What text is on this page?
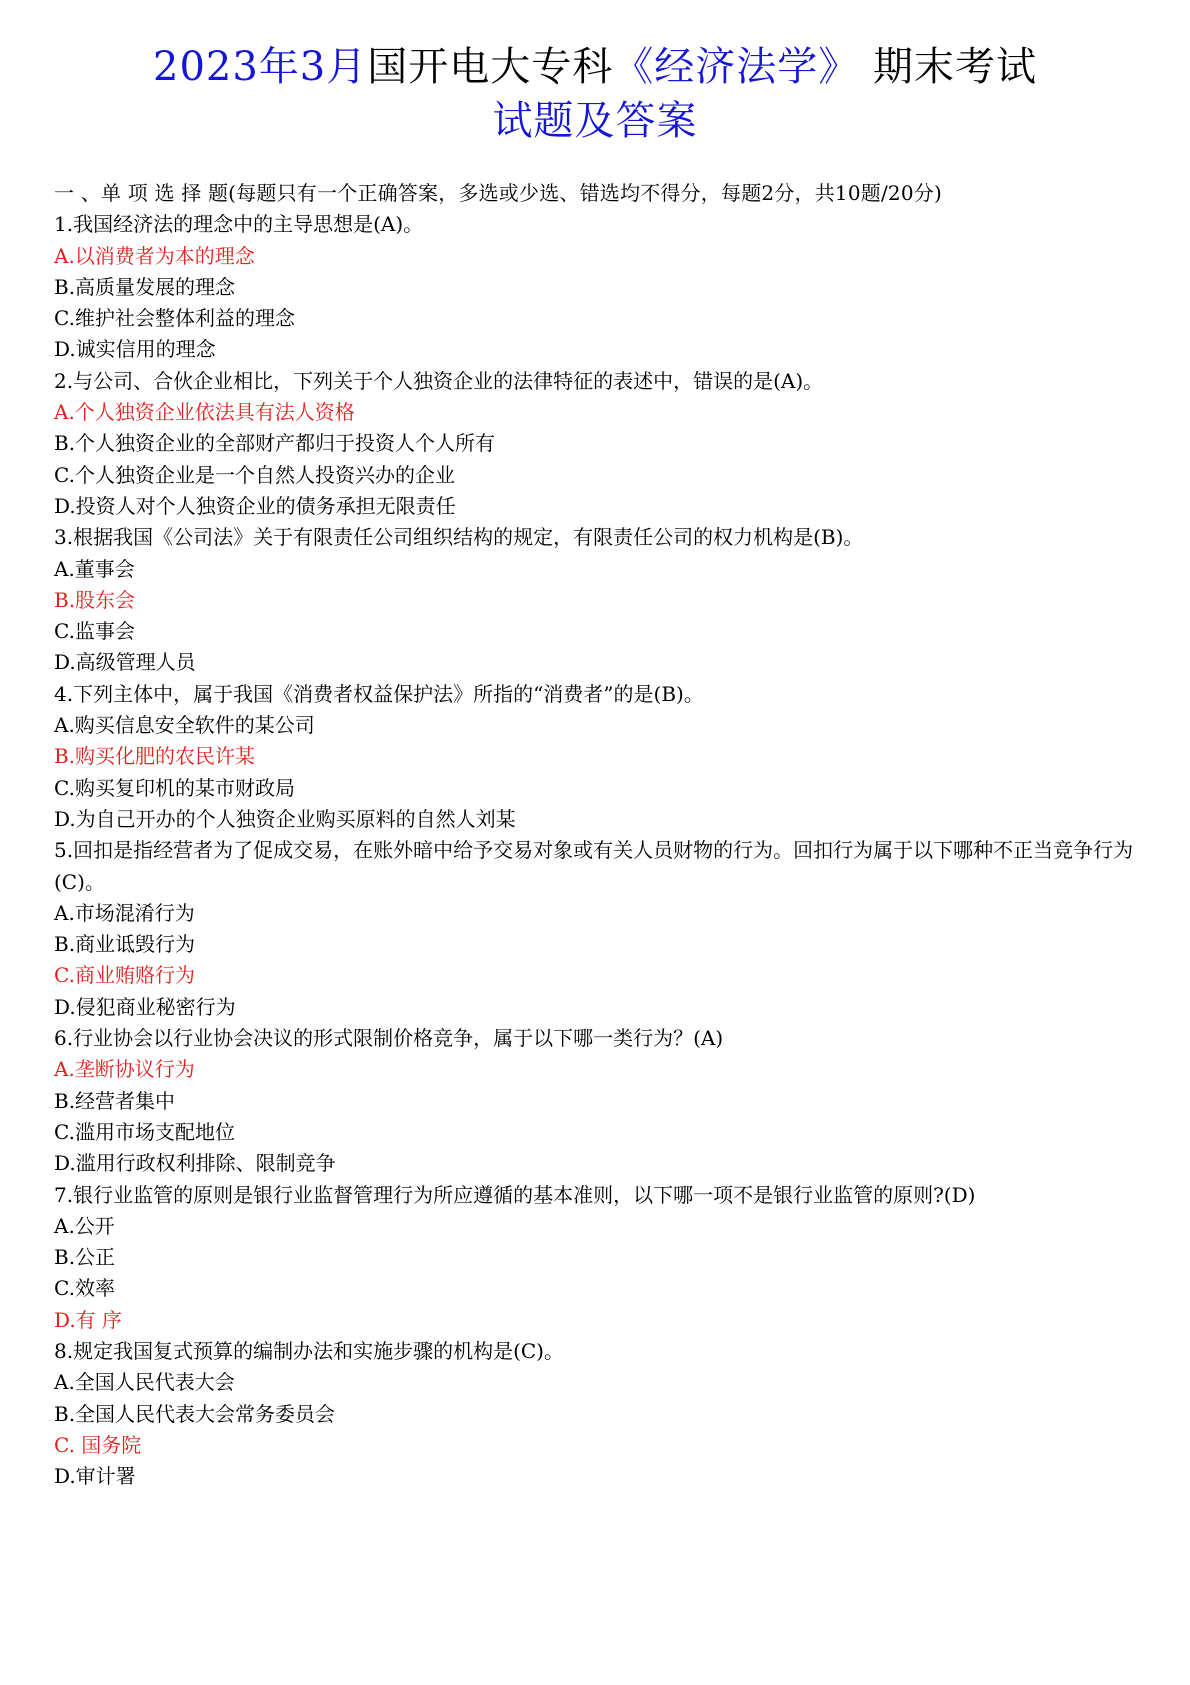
2023年3月国开电大专科《经济法学》 期末考试
试题及答案
一 、单 项 选 择 题(每题只有一个正确答案，多选或少选、错选均不得分，每题2分，共10题/20分)
1.我国经济法的理念中的主导思想是(A)。
A.以消费者为本的理念
B.高质量发展的理念
C.维护社会整体利益的理念
D.诚实信用的理念
2.与公司、合伙企业相比，下列关于个人独资企业的法律特征的表述中，错误的是(A)。
A.个人独资企业依法具有法人资格
B.个人独资企业的全部财产都归于投资人个人所有
C.个人独资企业是一个自然人投资兴办的企业
D.投资人对个人独资企业的债务承担无限责任
3.根据我国《公司法》关于有限责任公司组织结构的规定，有限责任公司的权力机构是(B)。
A.董事会
B.股东会
C.监事会
D.高级管理人员
4.下列主体中，属于我国《消费者权益保护法》所指的“消费者”的是(B)。
A.购买信息安全软件的某公司
B.购买化肥的农民许某
C.购买复印机的某市财政局
D.为自己开办的个人独资企业购买原料的自然人刘某
5.回扣是指经营者为了促成交易，在账外暗中给予交易对象或有关人员财物的行为。回扣行为属于以下哪种不正当竞争行为(C)。
A.市场混淆行为
B.商业诋毁行为
C.商业贿赂行为
D.侵犯商业秘密行为
6.行业协会以行业协会决议的形式限制价格竞争，属于以下哪一类行为？(A)
A.垄断协议行为
B.经营者集中
C.滥用市场支配地位
D.滥用行政权利排除、限制竞争
7.银行业监管的原则是银行业监督管理行为所应遵循的基本准则，以下哪一项不是银行业监管的原则?(D)
A.公开
B.公正
C.效率
D.有 序
8.规定我国复式预算的编制办法和实施步骤的机构是(C)。
A.全国人民代表大会
B.全国人民代表大会常务委员会
C. 国务院
D.审计署
